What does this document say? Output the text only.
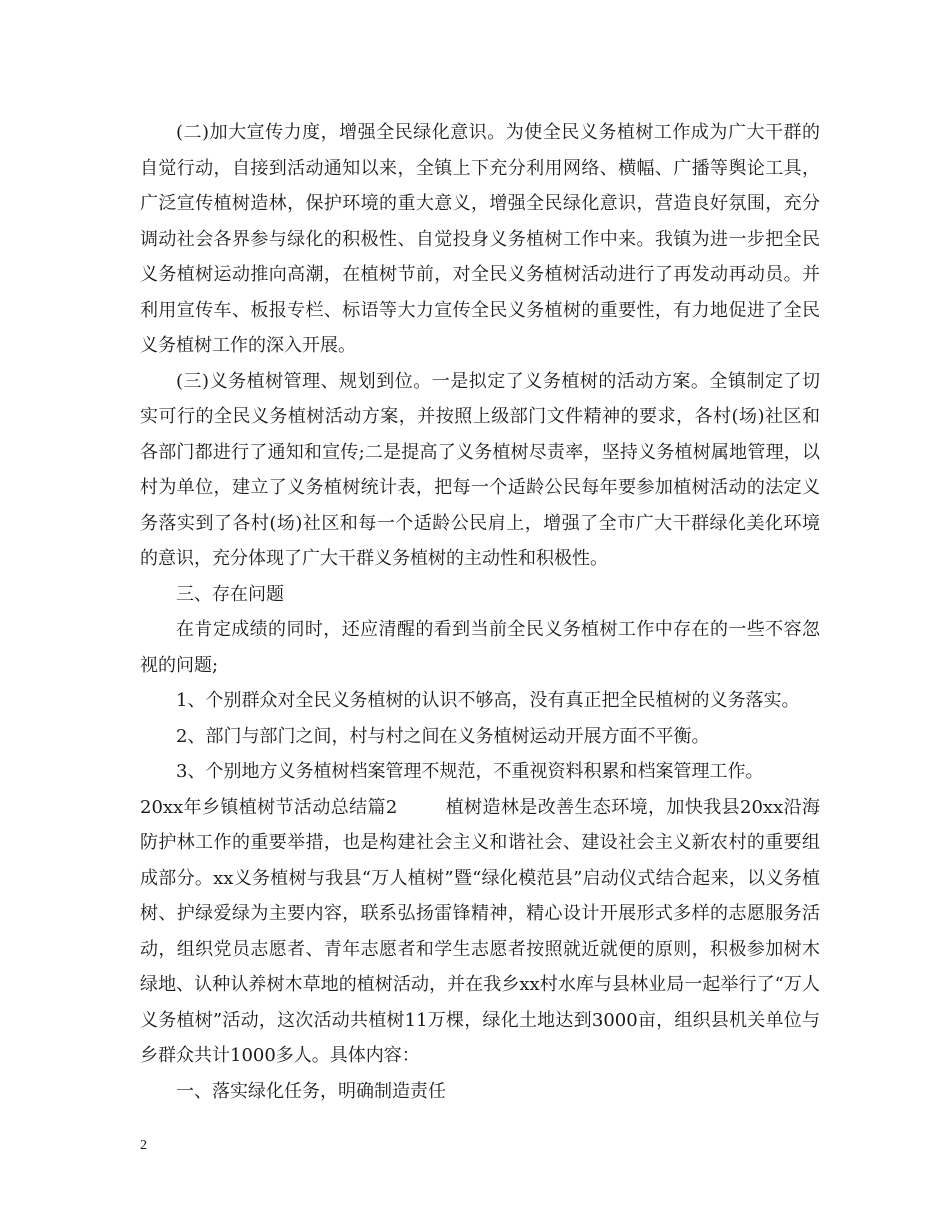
(二)加大宣传力度，增强全民绿化意识。为使全民义务植树工作成为广大干群的自觉行动，自接到活动通知以来，全镇上下充分利用网络、横幅、广播等舆论工具，广泛宣传植树造林，保护环境的重大意义，增强全民绿化意识，营造良好氛围，充分调动社会各界参与绿化的积极性、自觉投身义务植树工作中来。我镇为进一步把全民义务植树运动推向高潮，在植树节前，对全民义务植树活动进行了再发动再动员。并利用宣传车、板报专栏、标语等大力宣传全民义务植树的重要性，有力地促进了全民义务植树工作的深入开展。

(三)义务植树管理、规划到位。一是拟定了义务植树的活动方案。全镇制定了切实可行的全民义务植树活动方案，并按照上级部门文件精神的要求，各村(场)社区和各部门都进行了通知和宣传;二是提高了义务植树尽责率，坚持义务植树属地管理，以村为单位，建立了义务植树统计表，把每一个适龄公民每年要参加植树活动的法定义务落实到了各村(场)社区和每一个适龄公民肩上，增强了全市广大干群绿化美化环境的意识，充分体现了广大干群义务植树的主动性和积极性。

三、存在问题

在肯定成绩的同时，还应清醒的看到当前全民义务植树工作中存在的一些不容忽视的问题;

1、个别群众对全民义务植树的认识不够高，没有真正把全民植树的义务落实。

2、部门与部门之间，村与村之间在义务植树运动开展方面不平衡。

3、个别地方义务植树档案管理不规范，不重视资料积累和档案管理工作。

20xx年乡镇植树节活动总结篇2	植树造林是改善生态环境，加快我县20xx沿海防护林工作的重要举措，也是构建社会主义和谐社会、建设社会主义新农村的重要组成部分。xx义务植树与我县“万人植树”暨“绿化模范县”启动仪式结合起来，以义务植树、护绿爱绿为主要内容，联系弘扬雷锋精神，精心设计开展形式多样的志愿服务活动，组织党员志愿者、青年志愿者和学生志愿者按照就近就便的原则，积极参加树木绿地、认种认养树木草地的植树活动，并在我乡xx村水库与县林业局一起举行了“万人义务植树”活动，这次活动共植树11万棵，绿化土地达到3000亩，组织县机关单位与乡群众共计1000多人。具体内容：

一、落实绿化任务，明确制造责任

2
